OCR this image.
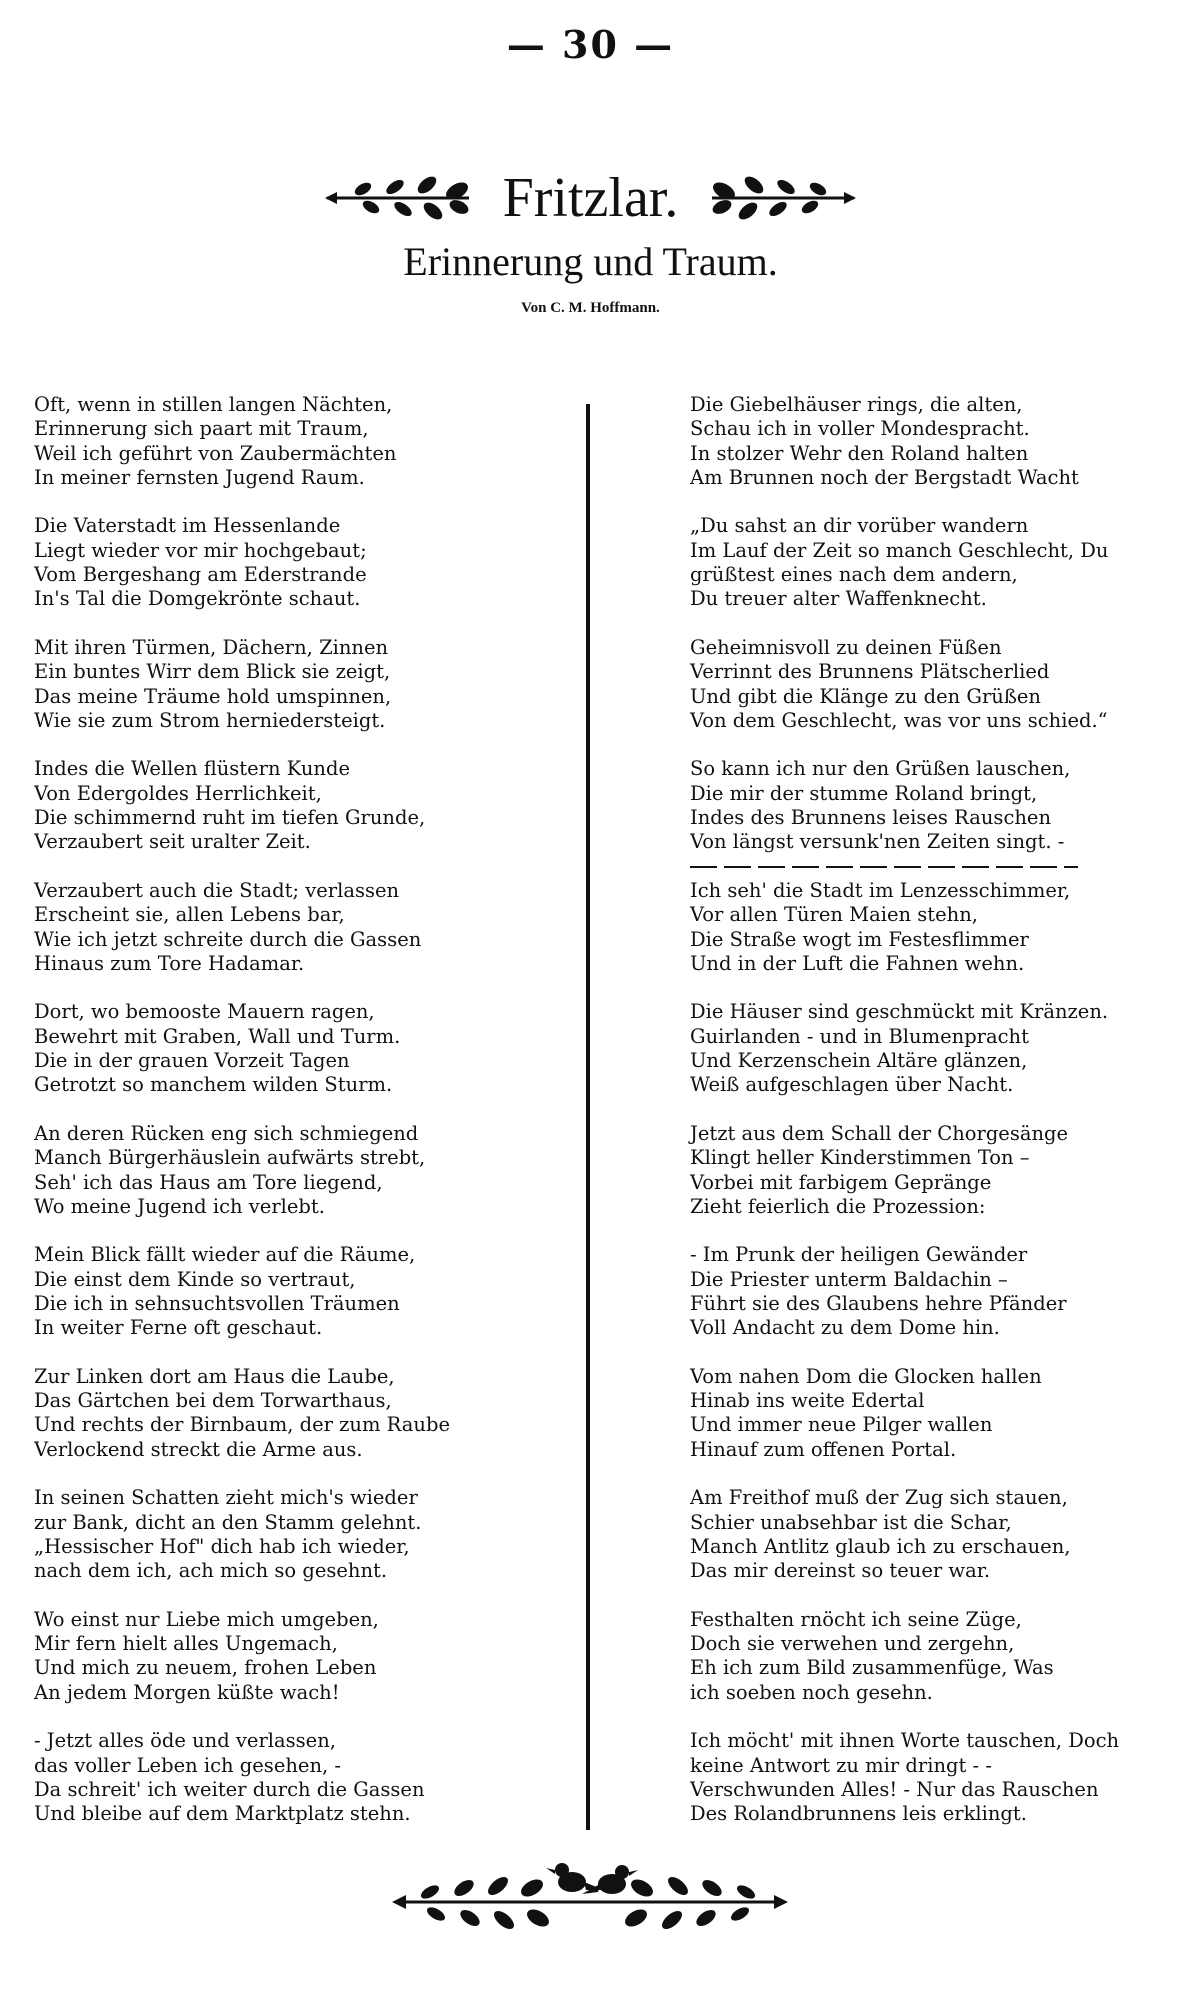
— 30 —
Fritzlar.
Erinnerung und Traum.
Von C. M. Hoffmann.
Oft, wenn in stillen langen Nächten,
Erinnerung sich paart mit Traum,
Weil ich geführt von Zaubermächten
In meiner fernsten Jugend Raum.
Die Vaterstadt im Hessenlande
Liegt wieder vor mir hochgebaut;
Vom Bergeshang am Ederstrande
In's Tal die Domgekrönte schaut.
Mit ihren Türmen, Dächern, Zinnen
Ein buntes Wirr dem Blick sie zeigt,
Das meine Träume hold umspinnen,
Wie sie zum Strom herniedersteigt.
Indes die Wellen flüstern Kunde
Von Edergoldes Herrlichkeit,
Die schimmernd ruht im tiefen Grunde,
Verzaubert seit uralter Zeit.
Verzaubert auch die Stadt; verlassen
Erscheint sie, allen Lebens bar,
Wie ich jetzt schreite durch die Gassen
Hinaus zum Tore Hadamar.
Dort, wo bemooste Mauern ragen,
Bewehrt mit Graben, Wall und Turm.
Die in der grauen Vorzeit Tagen
Getrotzt so manchem wilden Sturm.
An deren Rücken eng sich schmiegend
Manch Bürgerhäuslein aufwärts strebt,
Seh' ich das Haus am Tore liegend,
Wo meine Jugend ich verlebt.
Mein Blick fällt wieder auf die Räume,
Die einst dem Kinde so vertraut,
Die ich in sehnsuchtsvollen Träumen
In weiter Ferne oft geschaut.
Zur Linken dort am Haus die Laube,
Das Gärtchen bei dem Torwarthaus,
Und rechts der Birnbaum, der zum Raube
Verlockend streckt die Arme aus.
In seinen Schatten zieht mich's wieder
zur Bank, dicht an den Stamm gelehnt.
„Hessischer Hof" dich hab ich wieder,
nach dem ich, ach mich so gesehnt.
Wo einst nur Liebe mich umgeben,
Mir fern hielt alles Ungemach,
Und mich zu neuem, frohen Leben
An jedem Morgen küßte wach!
- Jetzt alles öde und verlassen,
das voller Leben ich gesehen, -
Da schreit' ich weiter durch die Gassen
Und bleibe auf dem Marktplatz stehn.
Die Giebelhäuser rings, die alten,
Schau ich in voller Mondespracht.
In stolzer Wehr den Roland halten
Am Brunnen noch der Bergstadt Wacht
„Du sahst an dir vorüber wandern
Im Lauf der Zeit so manch Geschlecht, Du
grüßtest eines nach dem andern,
Du treuer alter Waffenknecht.
Geheimnisvoll zu deinen Füßen
Verrinnt des Brunnens Plätscherlied
Und gibt die Klänge zu den Grüßen
Von dem Geschlecht, was vor uns schied.“
So kann ich nur den Grüßen lauschen,
Die mir der stumme Roland bringt,
Indes des Brunnens leises Rauschen
Von längst versunk'nen Zeiten singt. -
Ich seh' die Stadt im Lenzesschimmer,
Vor allen Türen Maien stehn,
Die Straße wogt im Festesflimmer
Und in der Luft die Fahnen wehn.
Die Häuser sind geschmückt mit Kränzen.
Guirlanden - und in Blumenpracht
Und Kerzenschein Altäre glänzen,
Weiß aufgeschlagen über Nacht.
Jetzt aus dem Schall der Chorgesänge
Klingt heller Kinderstimmen Ton –
Vorbei mit farbigem Gepränge
Zieht feierlich die Prozession:
- Im Prunk der heiligen Gewänder
Die Priester unterm Baldachin –
Führt sie des Glaubens hehre Pfänder
Voll Andacht zu dem Dome hin.
Vom nahen Dom die Glocken hallen
Hinab ins weite Edertal
Und immer neue Pilger wallen
Hinauf zum offenen Portal.
Am Freithof muß der Zug sich stauen,
Schier unabsehbar ist die Schar,
Manch Antlitz glaub ich zu erschauen,
Das mir dereinst so teuer war.
Festhalten rnöcht ich seine Züge,
Doch sie verwehen und zergehn,
Eh ich zum Bild zusammenfüge, Was
ich soeben noch gesehn.
Ich möcht' mit ihnen Worte tauschen, Doch
keine Antwort zu mir dringt - -
Verschwunden Alles! - Nur das Rauschen
Des Rolandbrunnens leis erklingt.
